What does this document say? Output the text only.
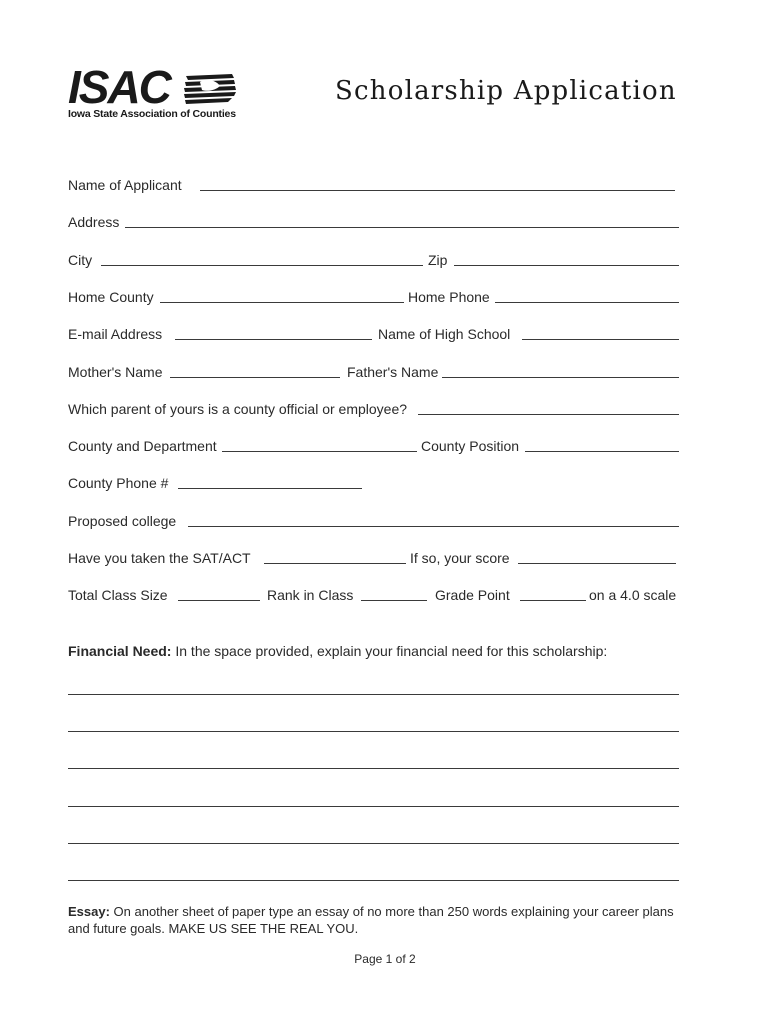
ISAC
Iowa State Association of Counties
Scholarship Application
Name of Applicant
Address
City	Zip
Home County	Home Phone
E-mail Address	Name of High School
Mother's Name	Father's Name
Which parent of yours is a county official or employee?
County and Department	County Position
County Phone #
Proposed college
Have you taken the SAT/ACT	If so, your score
Total Class Size	Rank in Class	Grade Point	on a 4.0 scale
Financial Need: In the space provided, explain your financial need for this scholarship:
Essay: On another sheet of paper type an essay of no more than 250 words explaining your career plans and future goals. MAKE US SEE THE REAL YOU.
Page 1 of 2
